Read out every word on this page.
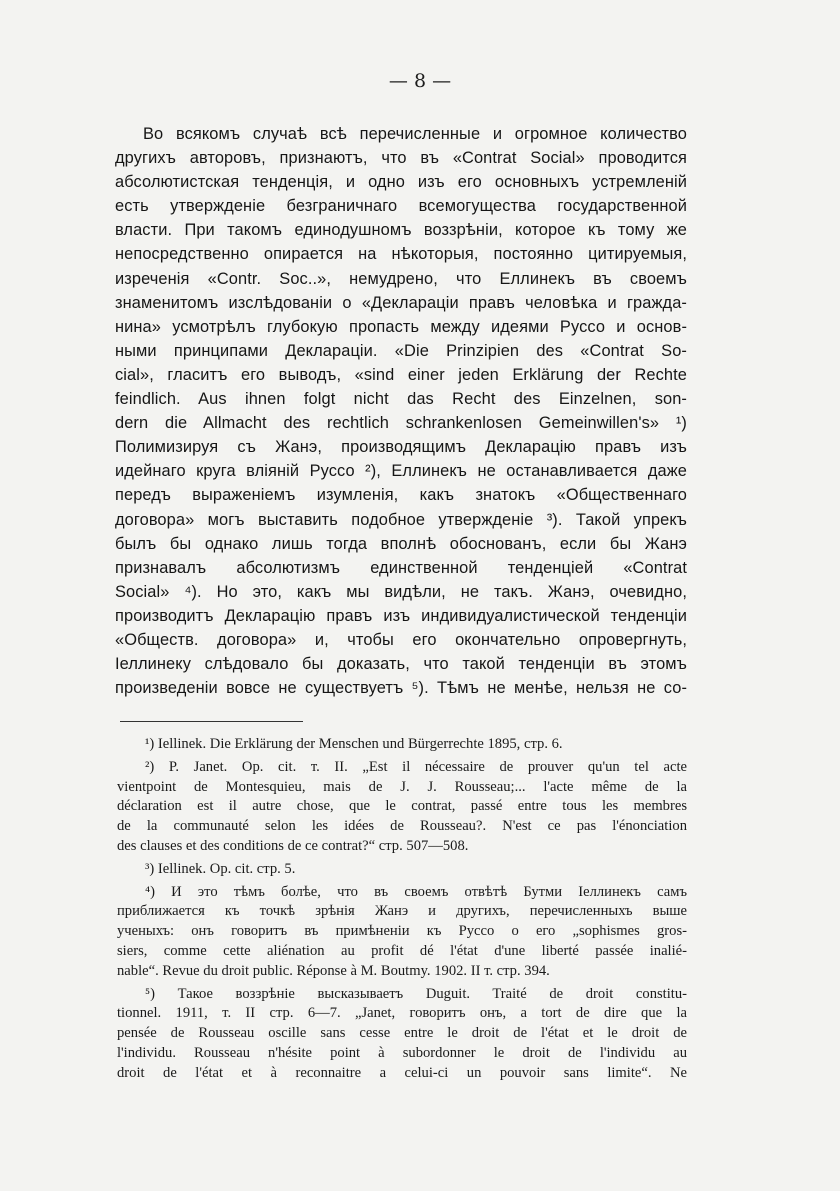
— 8 —
Во всякомъ случаѣ всѣ перечисленные и огромное количество
другихъ авторовъ, признаютъ, что въ «Contrat Social» проводится
абсолютистская тенденція, и одно изъ его основныхъ устремленій
есть утвержденіе безграничнаго всемогущества государственной
власти. При такомъ единодушномъ воззрѣніи, которое къ тому же
непосредственно опирается на нѣкоторыя, постоянно цитируемыя,
изреченія «Contr. Soc..», немудрено, что Еллинекъ въ своемъ
знаменитомъ изслѣдованіи о «Деклараціи правъ человѣка и гражда-
нина» усмотрѣлъ глубокую пропасть между идеями Руссо и основ-
ными принципами Деклараціи. «Die Prinzipien des «Contrat So-
cial», гласитъ его выводъ, «sind einer jeden Erklärung der Rechte
feindlich. Aus ihnen folgt nicht das Recht des Einzelnen, son-
dern die Allmacht des rechtlich schrankenlosen Gemeinwillen's» ¹)
Полимизируя съ Жанэ, производящимъ Декларацію правъ изъ
идейнаго круга вліяній Руссо ²), Еллинекъ не останавливается даже
передъ выраженіемъ изумленія, какъ знатокъ «Общественнаго
договора» могъ выставить подобное утвержденіе ³). Такой упрекъ
былъ бы однако лишь тогда вполнѣ обоснованъ, если бы Жанэ
признавалъ абсолютизмъ единственной тенденціей «Contrat
Social» ⁴). Но это, какъ мы видѣли, не такъ. Жанэ, очевидно,
производитъ Декларацію правъ изъ индивидуалистической тенденціи
«Обществ. договора» и, чтобы его окончательно опровергнуть,
Іеллинеку слѣдовало бы доказать, что такой тенденціи въ этомъ
произведеніи вовсе не существуетъ ⁵). Тѣмъ не менѣе, нельзя не со-
¹) Iellinek. Die Erklärung der Menschen und Bürgerrechte 1895, стр. 6.
²) P. Janet. Op. cit. т. II. „Est il nécessaire de prouver qu'un tel acte
vientpoint de Montesquieu, mais de J. J. Rousseau;... l'acte même de la
déclaration est il autre chose, que le contrat, passé entre tous les membres
de la communauté selon les idées de Rousseau?. N'est ce pas l'énonciation
des clauses et des conditions de ce contrat?“ стр. 507—508.
³) Iellinek. Op. cit. стр. 5.
⁴) И это тѣмъ болѣе, что въ своемъ отвѣтѣ Бутми Іеллинекъ самъ
приближается къ точкѣ зрѣнія Жанэ и другихъ, перечисленныхъ выше
ученыхъ: онъ говоритъ въ примѣненіи къ Руссо о его „sophismes gros-
siers, comme cette aliénation au profit dé l'état d'une liberté passée inalié-
nable“. Revue du droit public. Réponse à M. Boutmy. 1902. II т. стр. 394.
⁵) Такое воззрѣніе высказываетъ Duguit. Traité de droit constitu-
tionnel. 1911, т. II стр. 6—7. „Janet, говоритъ онъ, a tort de dire que la
pensée de Rousseau oscille sans cesse entre le droit de l'état et le droit de
l'individu. Rousseau n'hésite point à subordonner le droit de l'individu au
droit de l'état et à reconnaitre a celui-ci un pouvoir sans limite“. Ne
